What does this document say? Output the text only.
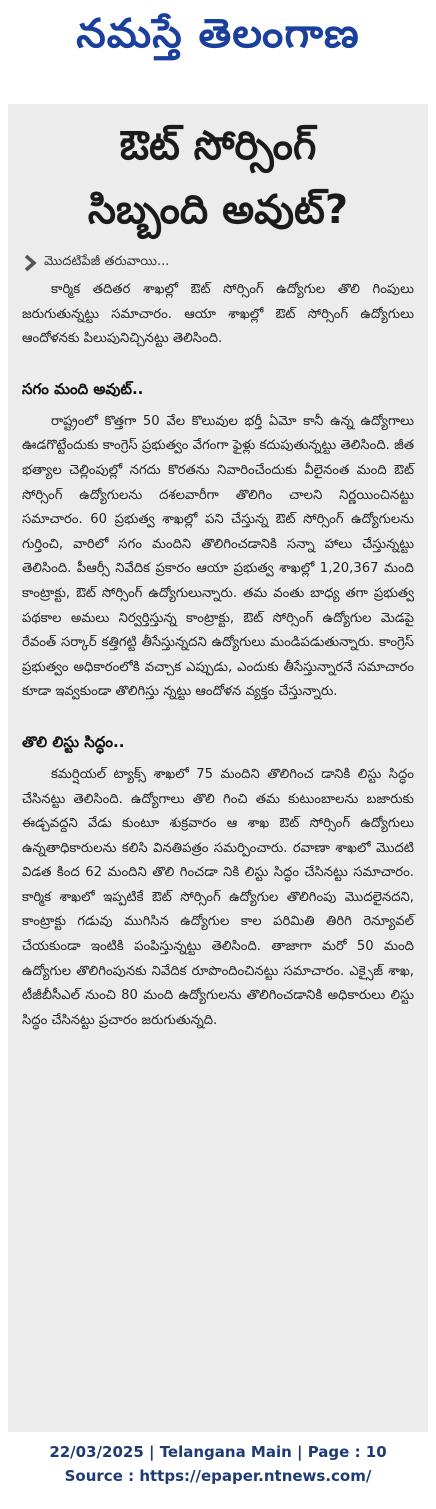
నమస్తే తెలంగాణ
ఔట్ సోర్సింగ్
సిబ్బంది అవుట్?
మొదటిపేజీ తరువాయి...

కార్మిక తదితర శాఖల్లో ఔట్ సోర్సింగ్ ఉద్యోగుల తొలి గింపులు జరుగుతున్నట్టు సమాచారం. ఆయా శాఖల్లో ఔట్ సోర్సింగ్ ఉద్యోగులు ఆందోళనకు పిలుపునిచ్చినట్టు తెలిసింది.

సగం మంది అవుట్..

రాష్ట్రంలో కొత్తగా 50 వేల కొలువుల భర్తీ ఏమో కానీ ఉన్న ఉద్యోగాలు ఊడగొట్టేందుకు కాంగ్రెస్ ప్రభుత్వం వేగంగా ఫైళ్లు కదుపుతున్నట్టు తెలిసింది. జీత భత్యాల చెల్లింపుల్లో నగదు కొరతను నివారించేందుకు వీలైనంత మంది ఔట్ సోర్సింగ్ ఉద్యోగులను దశలవారీగా తొలిగిం చాలని నిర్ణయించినట్టు సమాచారం. 60 ప్రభుత్వ శాఖల్లో పని చేస్తున్న ఔట్ సోర్సింగ్ ఉద్యోగులను గుర్తించి, వారిలో సగం మందిని తొలిగించడానికి సన్నా హాలు చేస్తున్నట్టు తెలిసింది. పీఆర్సీ నివేదిక ప్రకారం ఆయా ప్రభుత్వ శాఖల్లో 1,20,367 మంది కాంట్రాక్టు, ఔట్ సోర్సింగ్ ఉద్యోగులున్నారు. తమ వంతు బాధ్య తగా ప్రభుత్వ పథకాల అమలు నిర్వర్తిస్తున్న కాంట్రాక్టు, ఔట్ సోర్సింగ్ ఉద్యోగుల మెడపై రేవంత్ సర్కార్ కత్తిగట్టి తీసేస్తున్నదని ఉద్యోగులు మండిపడుతున్నారు. కాంగ్రెస్ ప్రభుత్వం అధికారంలోకి వచ్చాక ఎప్పుడు, ఎందుకు తీసేస్తున్నారనే సమాచారం కూడా ఇవ్వకుండా తొలిగిస్తు న్నట్టు ఆందోళన వ్యక్తం చేస్తున్నారు.

తొలి లిస్టు సిద్ధం..

కమర్షియల్ ట్యాక్స్ శాఖలో 75 మందిని తొలిగించ డానికి లిస్టు సిద్ధం చేసినట్టు తెలిసింది. ఉద్యోగాలు తొలి గించి తమ కుటుంబాలను బజారుకు ఈడ్చవద్దని వేడు కుంటూ శుక్రవారం ఆ శాఖ ఔట్ సోర్సింగ్ ఉద్యోగులు ఉన్నతాధికారులను కలిసి వినతిపత్రం సమర్పించారు. రవాణా శాఖలో మొదటి విడత కింద 62 మందిని తొలి గించడా నికి లిస్టు సిద్ధం చేసినట్టు సమాచారం. కార్మిక శాఖలో ఇప్పటికే ఔట్ సోర్సింగ్ ఉద్యోగుల తొలిగింపు మొదలైనదని, కాంట్రాక్టు గడువు ముగిసిన ఉద్యోగుల కాల పరిమితి తిరిగి రెన్యూవల్ చేయకుండా ఇంటికి పంపిస్తున్నట్టు తెలిసింది. తాజాగా మరో 50 మంది ఉద్యోగుల తొలిగింపునకు నివేదిక రూపొందించినట్టు సమాచారం. ఎక్సైజ్ శాఖ, టీజీబీసీఎల్ నుంచి 80 మంది ఉద్యోగులను తొలిగించడానికి అధికారులు లిస్టు సిద్ధం చేసినట్టు ప్రచారం జరుగుతున్నది.

22/03/2025 | Telangana Main | Page : 10
Source : https://epaper.ntnews.com/
